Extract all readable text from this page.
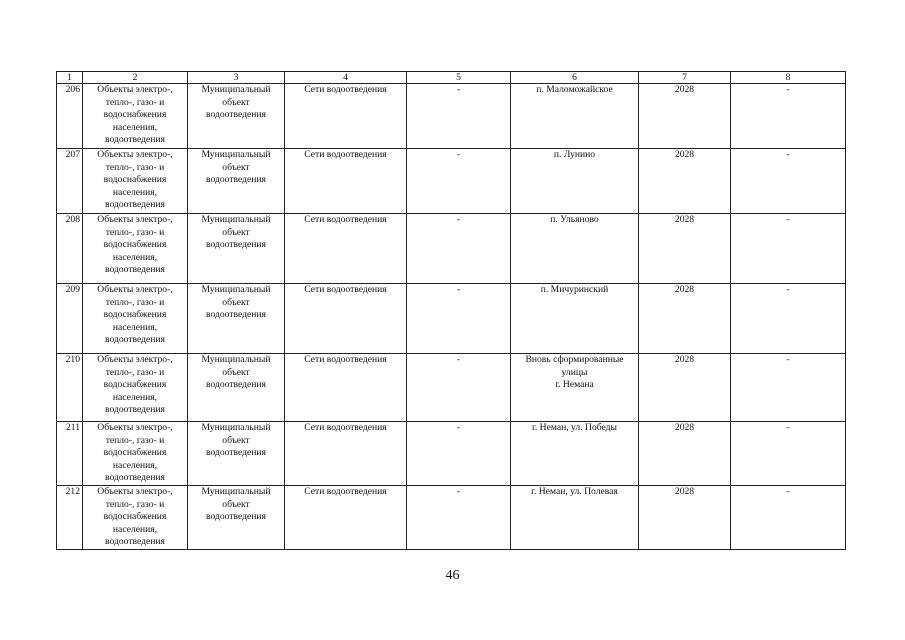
1	2	3	4	5	6	7	8
206	Объекты электро-,
тепло-, газо- и
водоснабжения
населения,
водоотведения	Муниципальный
объект
водоотведения	Сети водоотведения	-	п. Маломожайское	2028	-
207	Объекты электро-,
тепло-, газо- и
водоснабжения
населения,
водоотведения	Муниципальный
объект
водоотведения	Сети водоотведения	-	п. Лунино	2028	-
208	Объекты электро-,
тепло-, газо- и
водоснабжения
населения,
водоотведения	Муниципальный
объект
водоотведения	Сети водоотведения	-	п. Ульяново	2028	-
209	Объекты электро-,
тепло-, газо- и
водоснабжения
населения,
водоотведения	Муниципальный
объект
водоотведения	Сети водоотведения	-	п. Мичуринский	2028	-
210	Объекты электро-,
тепло-, газо- и
водоснабжения
населения,
водоотведения	Муниципальный
объект
водоотведения	Сети водоотведения	-	Вновь сформированные
улицы
г. Немана	2028	-
211	Объекты электро-,
тепло-, газо- и
водоснабжения
населения,
водоотведения	Муниципальный
объект
водоотведения	Сети водоотведения	-	г. Неман, ул. Победы	2028	-
212	Объекты электро-,
тепло-, газо- и
водоснабжения
населения,
водоотведения	Муниципальный
объект
водоотведения	Сети водоотведения	-	г. Неман, ул. Полевая	2028	-
46
